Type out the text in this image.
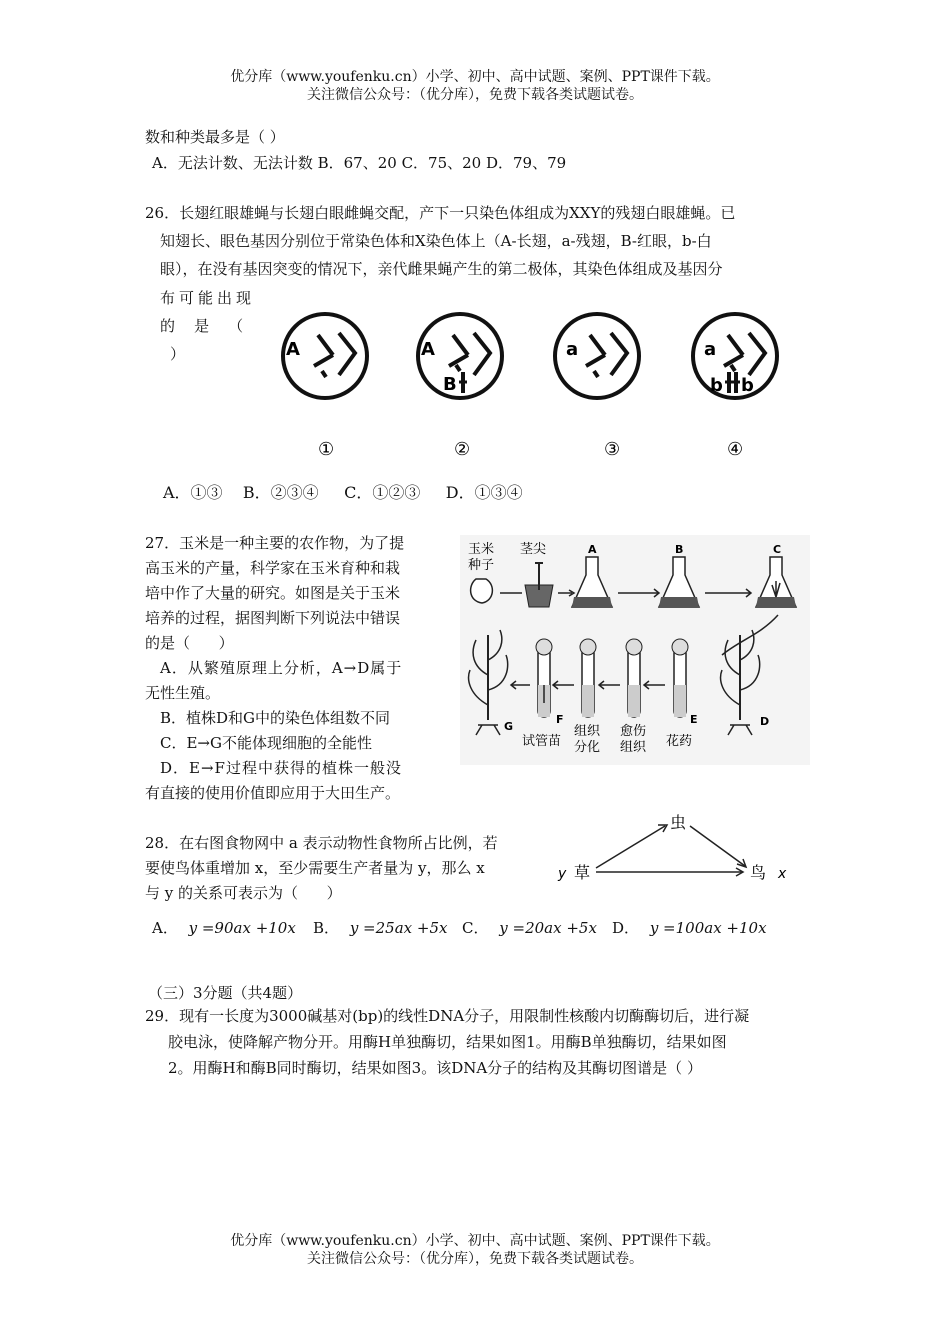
优分库（www.youfenku.cn）小学、初中、高中试题、案例、PPT课件下载。
关注微信公众号：（优分库），免费下载各类试题试卷。
数和种类最多是（ ）
A．无法计数、无法计数 B．67、20 C．75、20 D．79、79
26．长翅红眼雄蝇与长翅白眼雌蝇交配，产下一只染色体组成为XXY的残翅白眼雄蝇。已
知翅长、眼色基因分别位于常染色体和X染色体上（A-长翅，a-残翅，B-红眼，b-白
眼），在没有基因突变的情况下，亲代雌果蝇产生的第二极体，其染色体组成及基因分
布可能出现
的    是    （
）	A
①
A
B
②
a
③
a
b b
④
A．①③    B．②③④     C．①②③     D．①③④
27．玉米是一种主要的农作物，为了提
高玉米的产量，科学家在玉米育种和栽
培中作了大量的研究。如图是关于玉米
培养的过程，据图判断下列说法中错误
的是（      ）
A．从繁殖原理上分析，A→D属于
无性生殖。
B．植株D和G中的染色体组数不同
C．E→G不能体现细胞的全能性
D．E→F过程中获得的植株一般没
有直接的使用价值即应用于大田生产。
玉米
种子
茎尖	A	B	C
D
E
花药
愈伤
组织
组织
分化
F
试管苗
G
28．在右图食物网中 a 表示动物性食物所占比例，若
要使鸟体重增加 x，至少需要生产者量为 y，那么 x
与 y 的关系可表示为（      ）
虫
y 草	鸟 x
A． y =90ax +10x B． y =25ax +5x C． y =20ax +5x D． y =100ax +10x
（三）3分题（共4题）
29．现有一长度为3000碱基对(bp)的线性DNA分子，用限制性核酸内切酶酶切后，进行凝
胶电泳，使降解产物分开。用酶H单独酶切，结果如图1。用酶B单独酶切，结果如图
2。用酶H和酶B同时酶切，结果如图3。该DNA分子的结构及其酶切图谱是（ ）
优分库（www.youfenku.cn）小学、初中、高中试题、案例、PPT课件下载。
关注微信公众号：（优分库），免费下载各类试题试卷。
